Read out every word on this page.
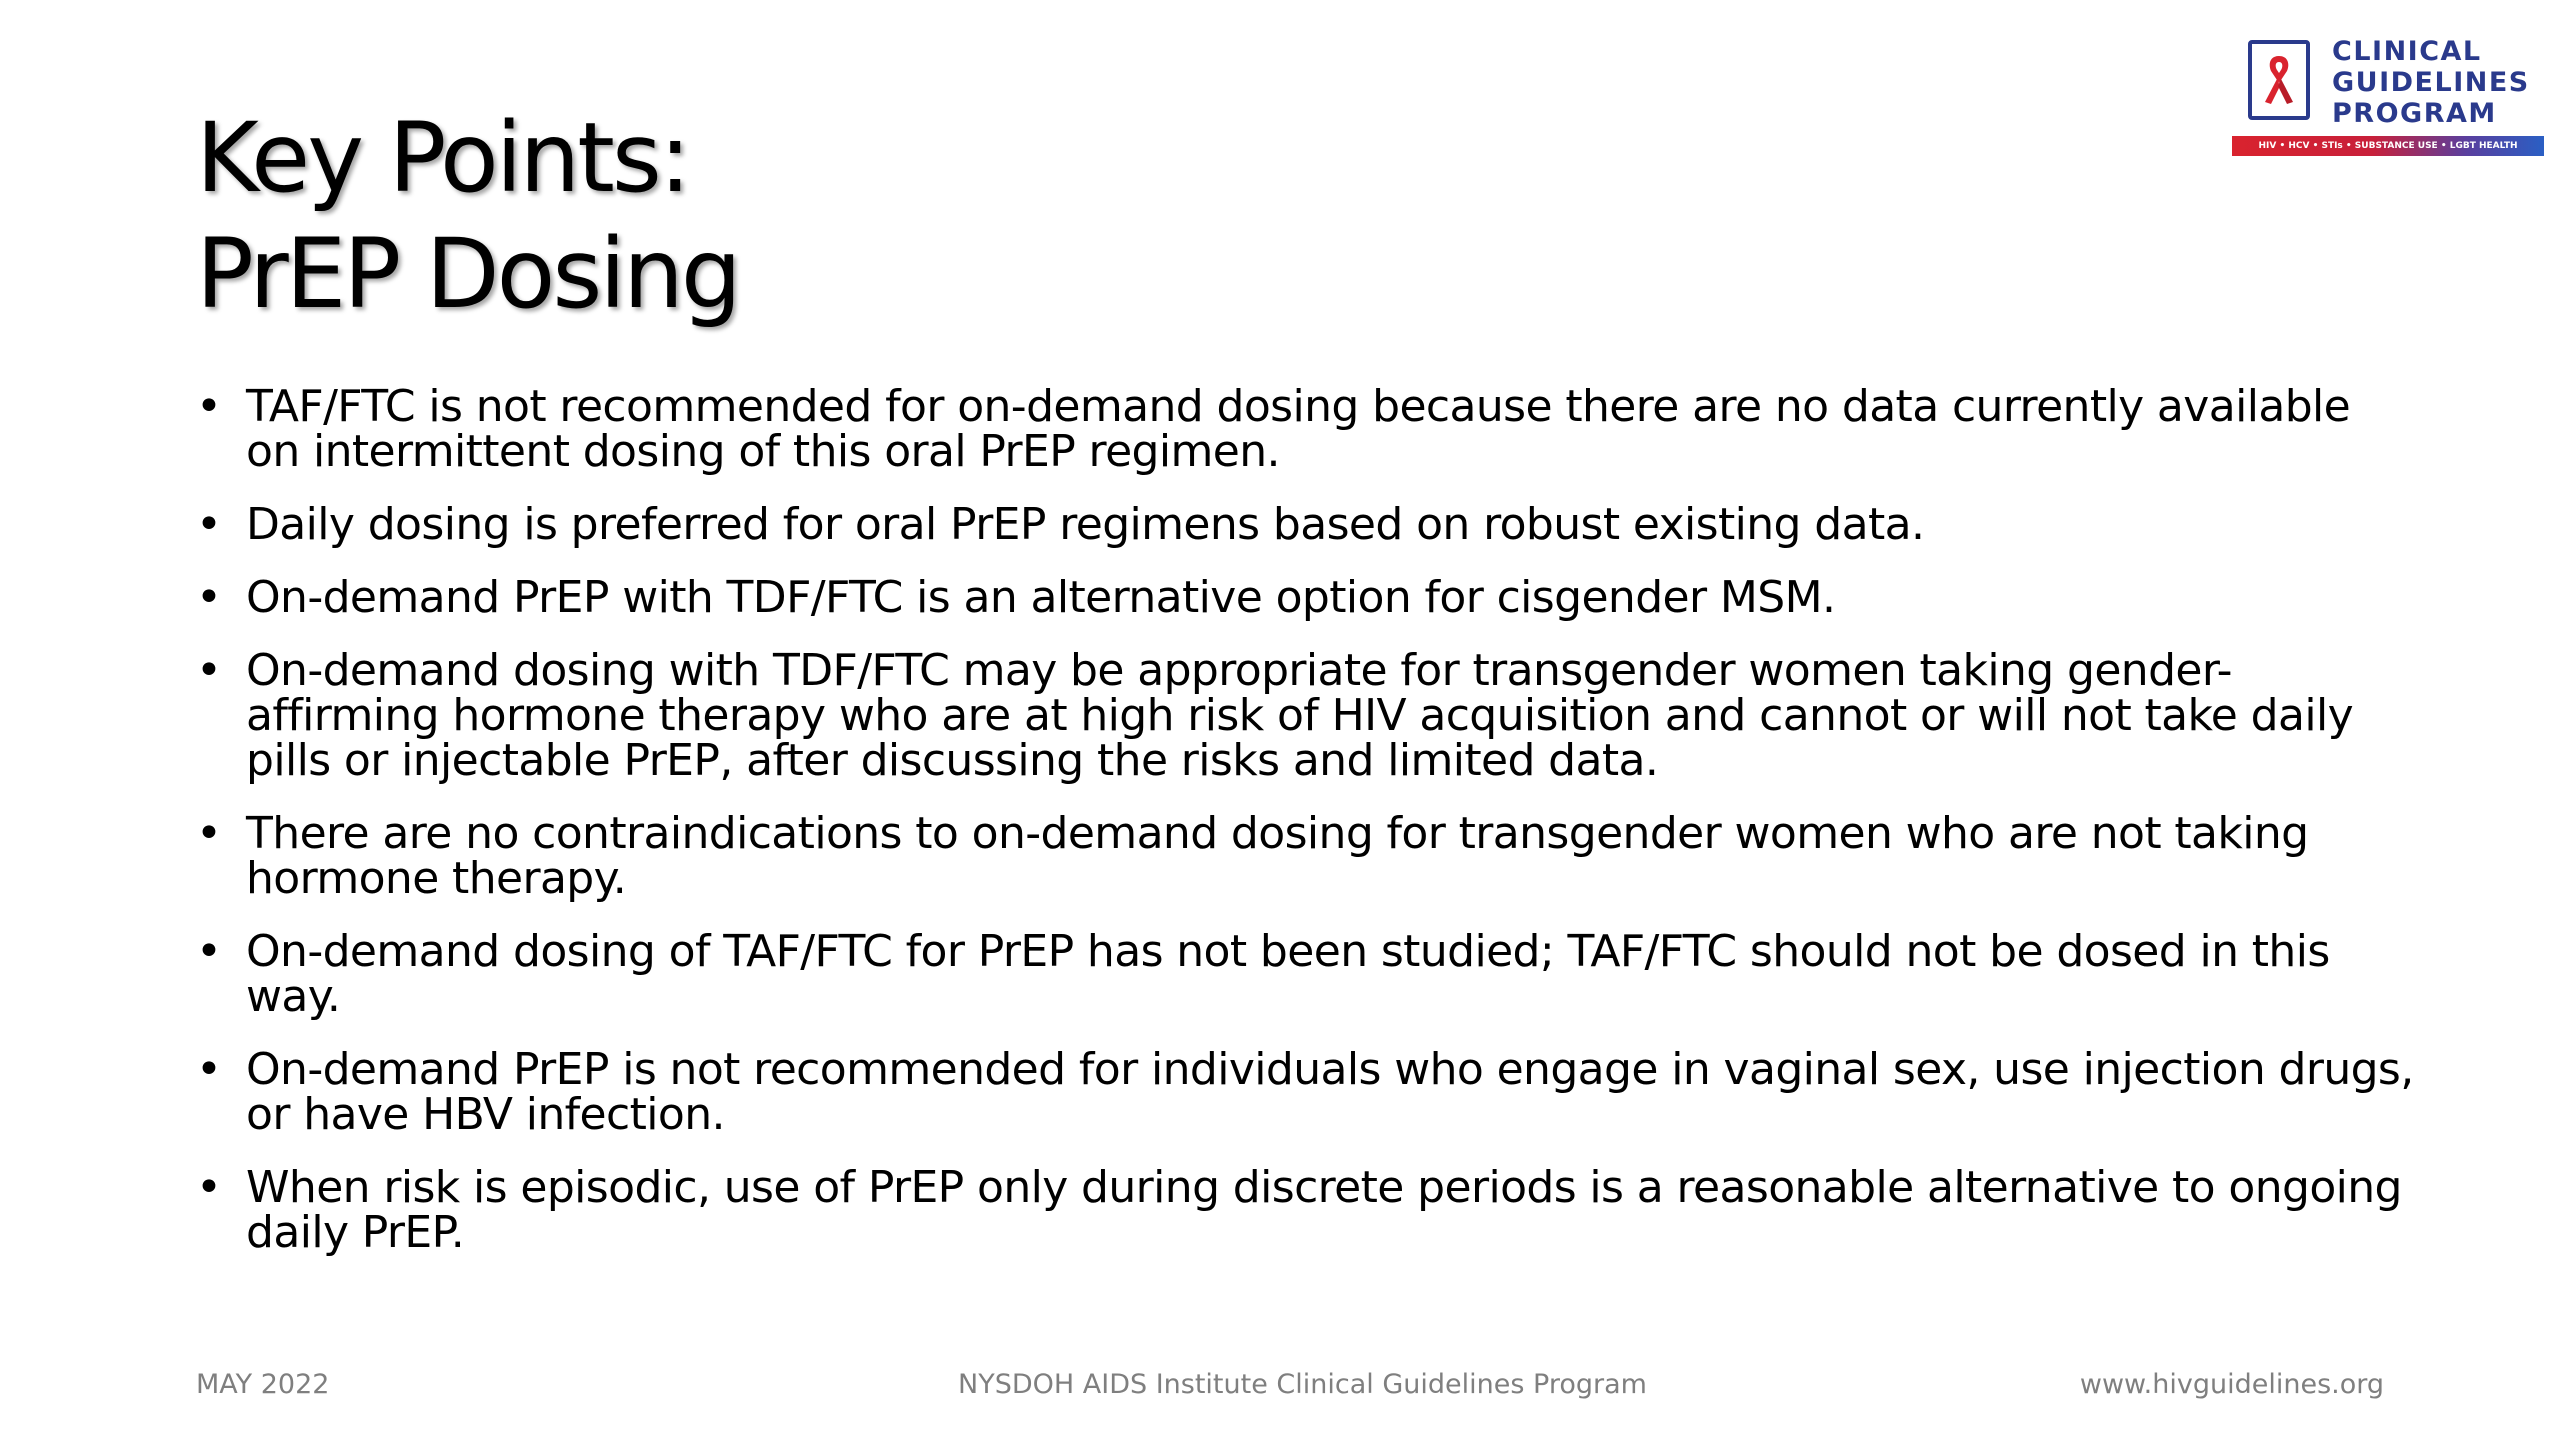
Key Points:
PrEP Dosing
CLINICAL
GUIDELINES
PROGRAM
HIV • HCV • STIs • SUBSTANCE USE • LGBT HEALTH
• TAF/FTC is not recommended for on-demand dosing because there are no data currently available on intermittent dosing of this oral PrEP regimen.
• Daily dosing is preferred for oral PrEP regimens based on robust existing data.
• On-demand PrEP with TDF/FTC is an alternative option for cisgender MSM.
• On-demand dosing with TDF/FTC may be appropriate for transgender women taking gender-affirming hormone therapy who are at high risk of HIV acquisition and cannot or will not take daily pills or injectable PrEP, after discussing the risks and limited data.
• There are no contraindications to on-demand dosing for transgender women who are not taking hormone therapy.
• On-demand dosing of TAF/FTC for PrEP has not been studied; TAF/FTC should not be dosed in this way.
• On-demand PrEP is not recommended for individuals who engage in vaginal sex, use injection drugs, or have HBV infection.
• When risk is episodic, use of PrEP only during discrete periods is a reasonable alternative to ongoing daily PrEP.
MAY 2022	NYSDOH AIDS Institute Clinical Guidelines Program	www.hivguidelines.org
